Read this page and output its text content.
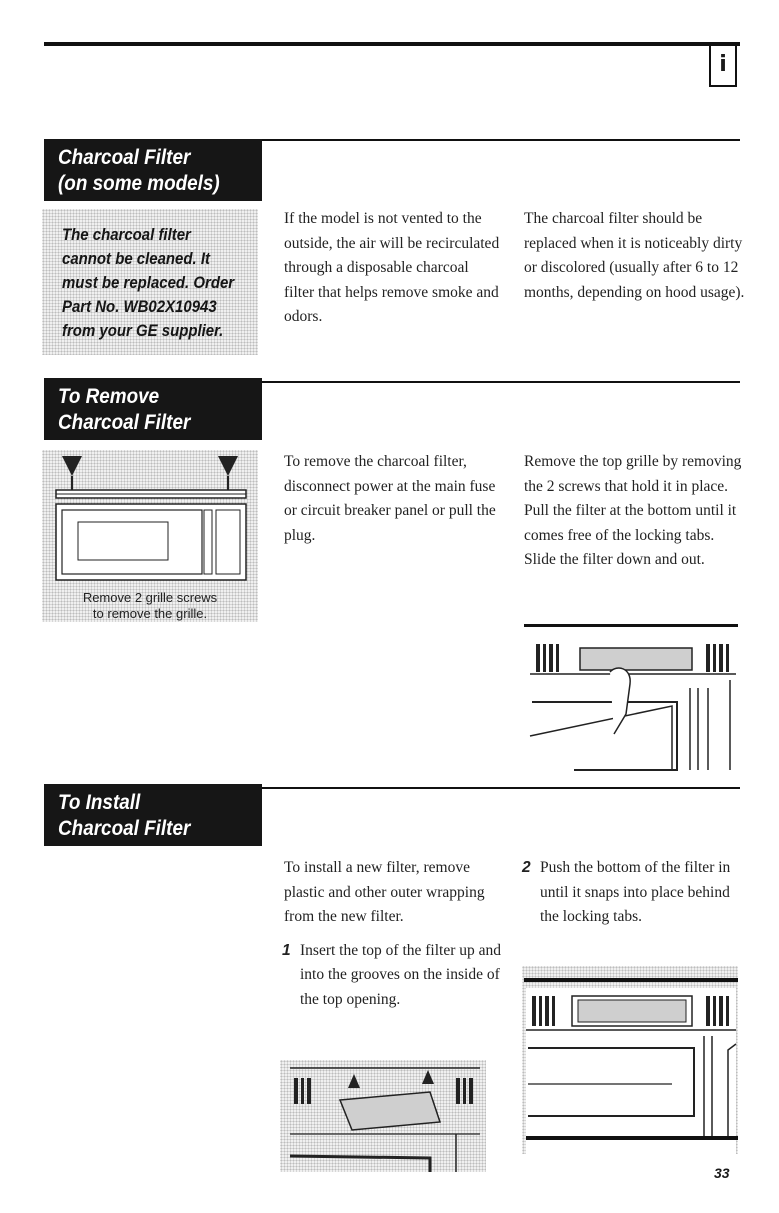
i
Charcoal Filter
(on some models)
The charcoal filter
cannot be cleaned. It
must be replaced. Order
Part No. WB02X10943
from your GE supplier.

If the model is not vented to the outside, the air will be recirculated through a disposable charcoal filter that helps remove smoke and odors.

The charcoal filter should be replaced when it is noticeably dirty or discolored (usually after 6 to 12 months, depending on hood usage).

To Remove
Charcoal Filter
Remove 2 grille screws
to remove the grille.

To remove the charcoal filter, disconnect power at the main fuse or circuit breaker panel or pull the plug.

Remove the top grille by removing the 2 screws that hold it in place. Pull the filter at the bottom until it comes free of the locking tabs. Slide the filter down and out.

To Install
Charcoal Filter

To install a new filter, remove plastic and other outer wrapping from the new filter.

1 Insert the top of the filter up and into the grooves on the inside of the top opening.
2 Push the bottom of the filter in until it snaps into place behind the locking tabs.
33
